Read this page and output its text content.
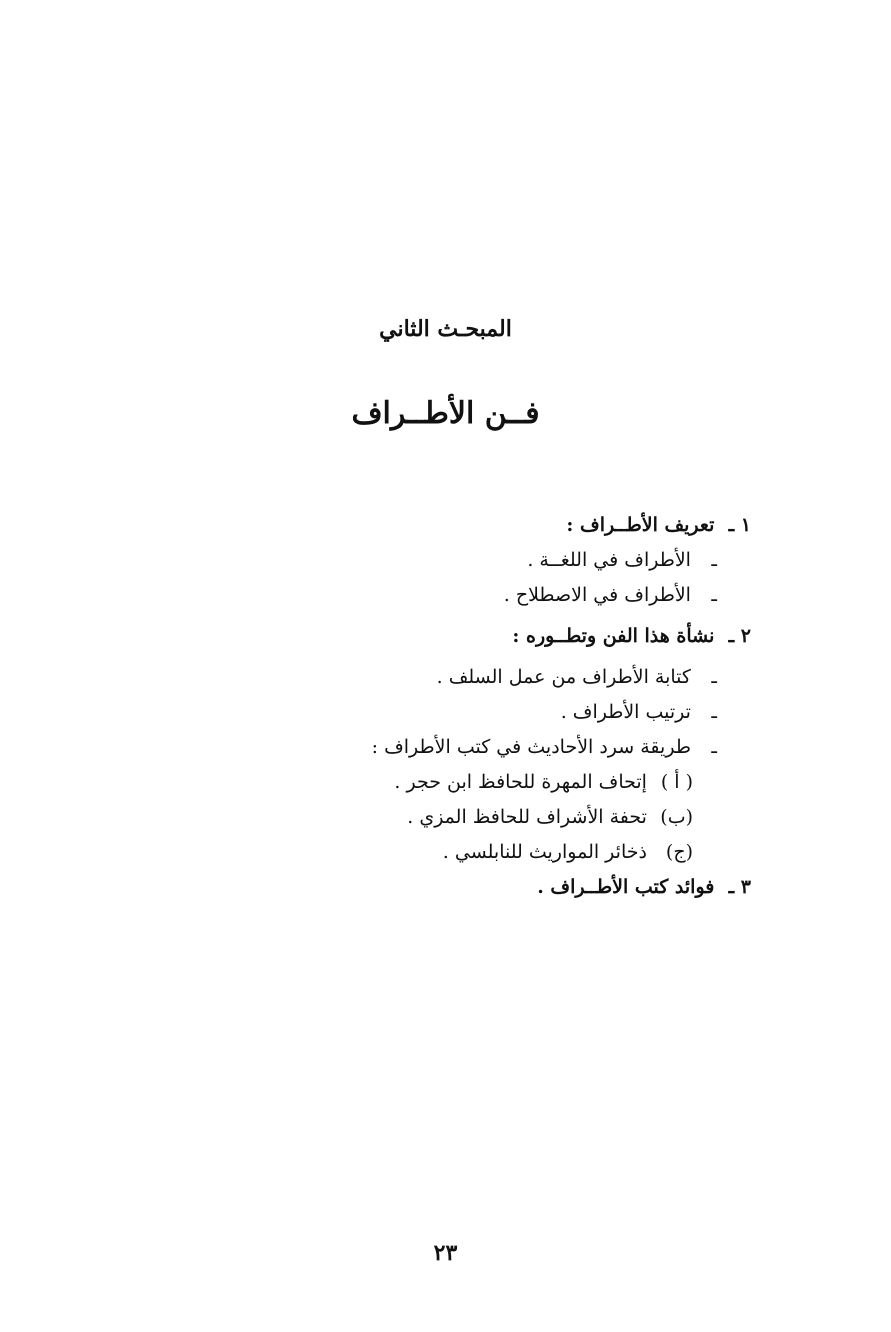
المبحـث الثاني
فــن الأطــراف
١ ـ تعريف الأطــراف :
ـ الأطراف في اللغــة .
ـ الأطراف في الاصطلاح .
٢ ـ نشأة هذا الفن وتطــوره :
ـ كتابة الأطراف من عمل السلف .
ـ ترتيب الأطراف .
ـ طريقة سرد الأحاديث في كتب الأطراف :
( أ ) إتحاف المهرة للحافظ ابن حجر .
(ب) تحفة الأشراف للحافظ المزي .
(ج) ذخائر المواريث للنابلسي .
٣ ـ فوائد كتب الأطــراف .
٢٣
